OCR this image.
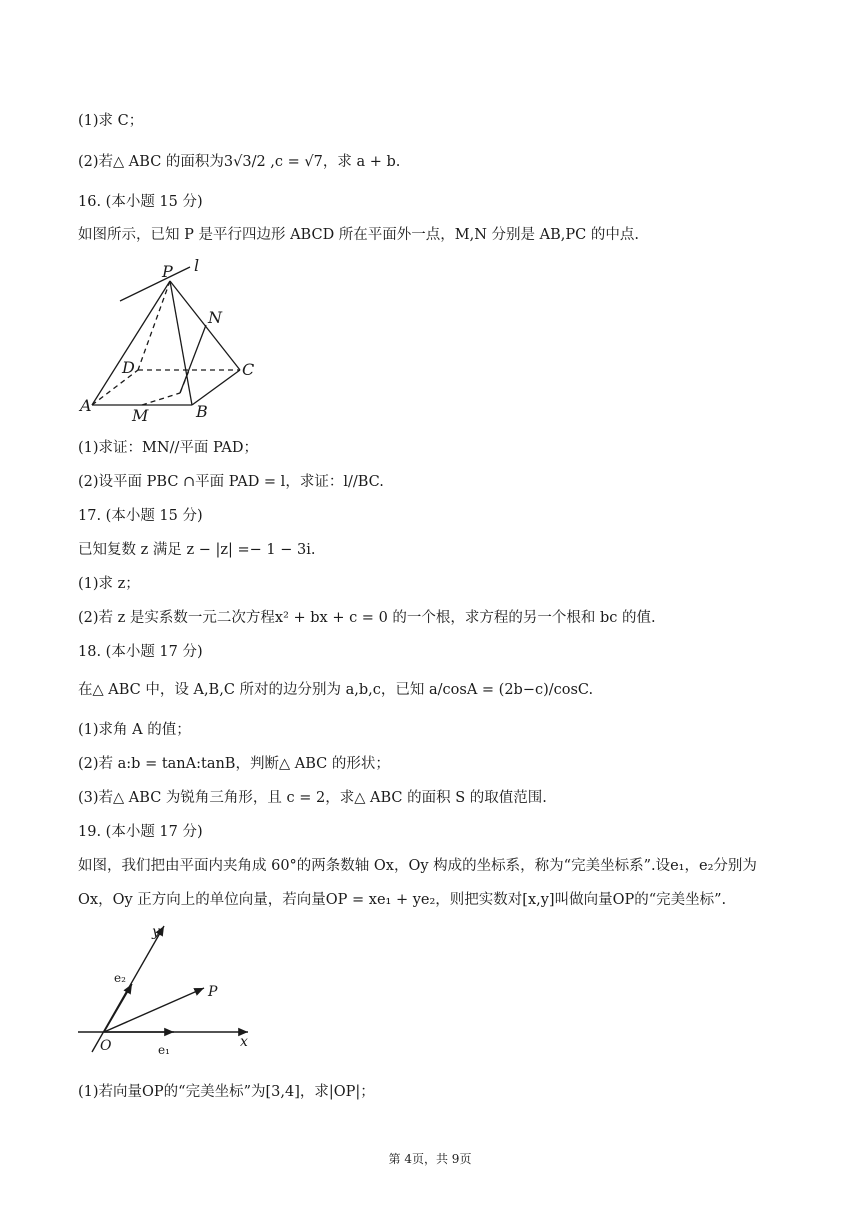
(1)求 C；
(2)若△ ABC 的面积为3√3/2 ,c = √7，求 a + b.
16. (本小题 15 分)
如图所示，已知 P 是平行四边形 ABCD 所在平面外一点，M,N 分别是 AB,PC 的中点.
P l
N
D	C
A
M	B
(1)求证：MN//平面 PAD；
(2)设平面 PBC ∩平面 PAD = l，求证：l//BC.
17. (本小题 15 分)
已知复数 z 满足 z − |z| =− 1 − 3i.
(1)求 z；
(2)若 z 是实系数一元二次方程x² + bx + c = 0 的一个根，求方程的另一个根和 bc 的值.
18. (本小题 17 分)
在△ ABC 中，设 A,B,C 所对的边分别为 a,b,c，已知 a/cosA = (2b−c)/cosC.
(1)求角 A 的值；
(2)若 a:b = tanA:tanB，判断△ ABC 的形状；
(3)若△ ABC 为锐角三角形，且 c = 2，求△ ABC 的面积 S 的取值范围.
19. (本小题 17 分)
如图，我们把由平面内夹角成 60°的两条数轴 Ox，Oy 构成的坐标系，称为“完美坐标系”.设e₁，e₂分别为
Ox，Oy 正方向上的单位向量，若向量OP = xe₁ + ye₂，则把实数对[x,y]叫做向量OP的“完美坐标”.
y
e₂
P
O	e₁	x
(1)若向量OP的“完美坐标”为[3,4]，求|OP|；
第 4页，共 9页
